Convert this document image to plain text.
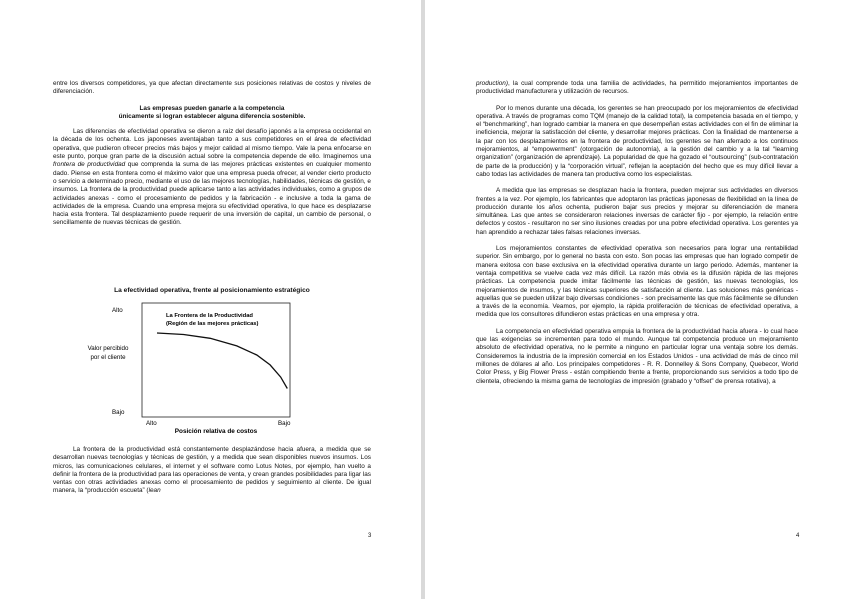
entre los diversos competidores, ya que afectan directamente sus posiciones relativas de costos y niveles de diferenciación.

Las empresas pueden ganarle a la competencia

únicamente si logran establecer alguna diferencia sostenible.

Las diferencias de efectividad operativa se dieron a raíz del desafío japonés a la empresa occidental en la década de los ochenta. Los japoneses aventajaban tanto a sus competidores en el área de efectividad operativa, que pudieron ofrecer precios más bajos y mejor calidad al mismo tiempo. Vale la pena enfocarse en este punto, porque gran parte de la discusión actual sobre la competencia depende de ello. Imaginemos una frontera de productividad que comprenda la suma de las mejores prácticas existentes en cualquier momento dado. Piense en esta frontera como el máximo valor que una empresa pueda ofrecer, al vender cierto producto o servicio a determinado precio, mediante el uso de las mejores tecnologías, habilidades, técnicas de gestión, e insumos. La frontera de la productividad puede aplicarse tanto a las actividades individuales, como a grupos de actividades anexas - como el procesamiento de pedidos y la fabricación - e inclusive a toda la gama de actividades de la empresa. Cuando una empresa mejora su efectividad operativa, lo que hace es desplazarse hacia esta frontera. Tal desplazamiento puede requerir de una inversión de capital, un cambio de personal, o sencillamente de nuevas técnicas de gestión.

La efectividad operativa, frente al posicionamiento estratégico
La Frontera de la Productividad
(Región de las mejores prácticas)
Alto
Valor percibido
por el cliente
Bajo
Alto	Bajo
Posición relativa de costos

La frontera de la productividad está constantemente desplazándose hacia afuera, a medida que se desarrollan nuevas tecnologías y técnicas de gestión, y a medida que sean disponibles nuevos insumos. Los micros, las comunicaciones celulares, el internet y el software como Lotus Notes, por ejemplo, han vuelto a definir la frontera de la productividad para las operaciones de venta, y crean grandes posibilidades para ligar las ventas con otras actividades anexas como el procesamiento de pedidos y seguimiento al cliente. De igual manera, la “producción escueta” (lean

3

production), la cual comprende toda una familia de actividades, ha permitido mejoramientos importantes de productividad manufacturera y utilización de recursos.

Por lo menos durante una década, los gerentes se han preocupado por los mejoramientos de efectividad operativa. A través de programas como TQM (manejo de la calidad total), la competencia basada en el tiempo, y el “benchmarking”, han logrado cambiar la manera en que desempeñan estas actividades con el fin de eliminar la ineficiencia, mejorar la satisfacción del cliente, y desarrollar mejores prácticas. Con la finalidad de mantenerse a la par con los desplazamientos en la frontera de productividad, los gerentes se han aferrado a los continuos mejoramientos, al “empowerment” (otorgación de autonomía), a la gestión del cambio y a la tal “learning organization” (organización de aprendizaje). La popularidad de que ha gozado el “outsourcing” (sub-contratación de parte de la producción) y la “corporación virtual”, reflejan la aceptación del hecho que es muy difícil llevar a cabo todas las actividades de manera tan productiva como los especialistas.

A medida que las empresas se desplazan hacia la frontera, pueden mejorar sus actividades en diversos frentes a la vez. Por ejemplo, los fabricantes que adoptaron las prácticas japonesas de flexibilidad en la línea de producción durante los años ochenta, pudieron bajar sus precios y mejorar su diferenciación de manera simultánea. Las que antes se consideraron relaciones inversas de carácter fijo - por ejemplo, la relación entre defectos y costos - resultaron no ser sino ilusiones creadas por una pobre efectividad operativa. Los gerentes ya han aprendido a rechazar tales falsas relaciones inversas.

Los mejoramientos constantes de efectividad operativa son necesarios para lograr una rentabilidad superior. Sin embargo, por lo general no basta con esto. Son pocas las empresas que han logrado competir de manera exitosa con base exclusiva en la efectividad operativa durante un largo periodo. Además, mantener la ventaja competitiva se vuelve cada vez más difícil. La razón más obvia es la difusión rápida de las mejores prácticas. La competencia puede imitar fácilmente las técnicas de gestión, las nuevas tecnologías, los mejoramientos de insumos, y las técnicas superiores de satisfacción al cliente. Las soluciones más genéricas - aquellas que se pueden utilizar bajo diversas condiciones - son precisamente las que más fácilmente se difunden a través de la economía. Veamos, por ejemplo, la rápida proliferación de técnicas de efectividad operativa, a medida que los consultores difundieron estas prácticas en una empresa y otra.

La competencia en efectividad operativa empuja la frontera de la productividad hacia afuera - lo cual hace que las exigencias se incrementen para todo el mundo. Aunque tal competencia produce un mejoramiento absoluto de efectividad operativa, no le permite a ninguno en particular lograr una ventaja sobre los demás. Consideremos la industria de la impresión comercial en los Estados Unidos - una actividad de más de cinco mil millones de dólares al año. Los principales competidores - R. R. Donnelley & Sons Company, Quebecor, World Color Press, y Big Flower Press - están compitiendo frente a frente, proporcionando sus servicios a todo tipo de clientela, ofreciendo la misma gama de tecnologías de impresión (grabado y “offset” de prensa rotativa), a

4
